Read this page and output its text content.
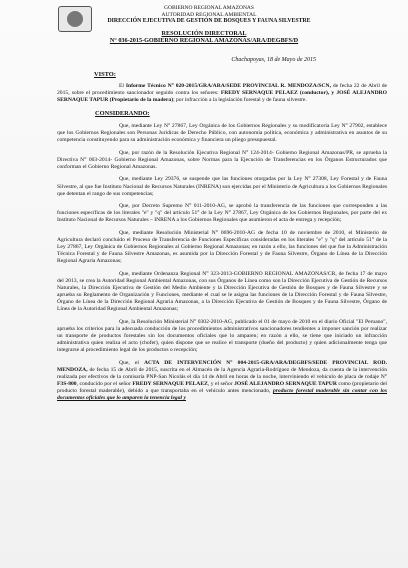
GOBIERNO REGIONAL AMAZONAS
AUTORIDAD REGIONAL AMBIENTAL
DIRECCIÓN EJECUTIVA DE GESTIÓN DE BOSQUES Y FAUNA SILVESTRE
RESOLUCIÓN DIRECTORAL
N° 036-2015-GOBIERNO REGIONAL AMAZONAS/ARA/DEGBFS/D
Chachapoyas, 18 de Mayo de 2015
VISTO:

El Informe Técnico N° 020-2015/GRA/ARA/SEDE PROVINCIAL R. MENDOZA/SCN, de fecha 22 de Abril de 2015, sobre el procedimiento sancionador seguido contra los señores: FREDY SERNAQUE PELAEZ (conductor), y JOSÉ ALEJANDRO SERNAQUE TAPUR (Propietario de la madera); por infracción a la legislación forestal y de fauna silvestre.

CONSIDERANDO:

Que, mediante Ley N° 27867, Ley Orgánica de los Gobiernos Regionales y su modificatoria Ley N° 27902, establece que los Gobiernos Regionales son Personas Jurídicas de Derecho Público, con autonomía política, económica y administrativa en asuntos de su competencia constituyendo para su administración económica y financiera un pliego presupuestal.

Que, por razón de la Resolución Ejecutiva Regional N° 124-2014- Gobierno Regional Amazonas/PR, se aprueba la Directiva N° 003-2014- Gobierno Regional Amazonas, sobre Normas para la Ejecución de Transferencias en los Órganos Estructurados que conforman el Gobierno Regional Amazonas.

Que, mediante Ley 29376, se suspende que las funciones otorgadas por la Ley N° 27308, Ley Forestal y de Fauna Silvestre, al que fue Instituto Nacional de Recursos Naturales (INRENA) son ejercidas por el Ministerio de Agricultura a los Gobiernos Regionales que detentan el rango de sus competencias;

Que, por Decreto Supremo N° 011-2010-AG, se aprobó la transferencia de las funciones que corresponden a las funciones específicas de los literales "e" y "q" del artículo 51° de la Ley N° 27867, Ley Orgánica de los Gobiernos Regionales, por parte del ex Instituto Nacional de Recursos Naturales – INRENA a los Gobiernos Regionales que asumieron el acta de entrega y recepción;

Que, mediante Resolución Ministerial N° 0696-2010-AG de fecha 10 de noviembre de 2010, el Ministerio de Agricultura declaró concluido el Proceso de Transferencia de Funciones Específicas consideradas en los literales "e" y "q" del artículo 51° de la Ley 27867, Ley Orgánica de Gobiernos Regionales al Gobierno Regional Amazonas; en razón a ello, las funciones del que fue la Administración Técnica Forestal y de Fauna Silvestre Amazonas, es asumida por la Dirección Forestal y de Fauna Silvestre, Órgano de Línea de la Dirección Regional Agraria Amazonas;

Que, mediante Ordenanza Regional N° 323-2013-GOBIERNO REGIONAL AMAZONAS/CR, de fecha 17 de mayo del 2013, se crea la Autoridad Regional Ambiental Amazonas, con sus Órganos de Línea como son la Dirección Ejecutiva de Gestión de Recursos Naturales, la Dirección Ejecutiva de Gestión del Medio Ambiente y la Dirección Ejecutiva de Gestión de Bosques y de Fauna Silvestre y se aprueba su Reglamento de Organización y Funciones, mediante el cual se le asigna las funciones de la Dirección Forestal y de Fauna Silvestre, Órgano de Línea de la Dirección Regional Agraria Amazonas, a la Dirección Ejecutiva de Gestión de Bosques y de Fauna Silvestre, Órgano de Línea de la Autoridad Regional Ambiental Amazonas;

Que, la Resolución Ministerial N° 0302-2010-AG, publicado el 01 de mayo de 2010 en el diario Oficial "El Peruano", aprueba los criterios para la adecuada conducción de los procedimientos administrativos sancionadores tendientes a imponer sanción por realizar un transporte de productos forestales sin los documentos oficiales que lo amparen; en razón a ello, se tiene que iniciado un infracción administrativa quien realiza el acto (chofer), quien dispone que se realice el transporte (dueño del producto) y quien adicionalmente tenga que integrarse al procedimiento legal de los productos o recepción;

Que, el ACTA DE INTERVENCIÓN N° 004-2015-GRA/ARA/DEGBFS/SEDE PROVINCIAL ROD. MENDOZA, de fecha 15 de Abril de 2015, suscrita en el Almacén de la Agencia Agraria-Rodríguez de Mendoza, da cuenta de la intervención realizada por efectivos de la comisaría PNP-San Nicolás el día 14 de Abril en horas de la noche, interviniendo el vehículo de placa de rodaje N° F3S-800, conducido por el señor FREDY SERNAQUE PELAEZ, y el señor JOSÉ ALEJANDRO SERNAQUE TAPUR como (propietario del producto forestal maderable), debido a que transportaba en el vehículo antes mencionado, producto forestal maderable sin contar con los documentos oficiales que lo amparen la tenencia legal y
